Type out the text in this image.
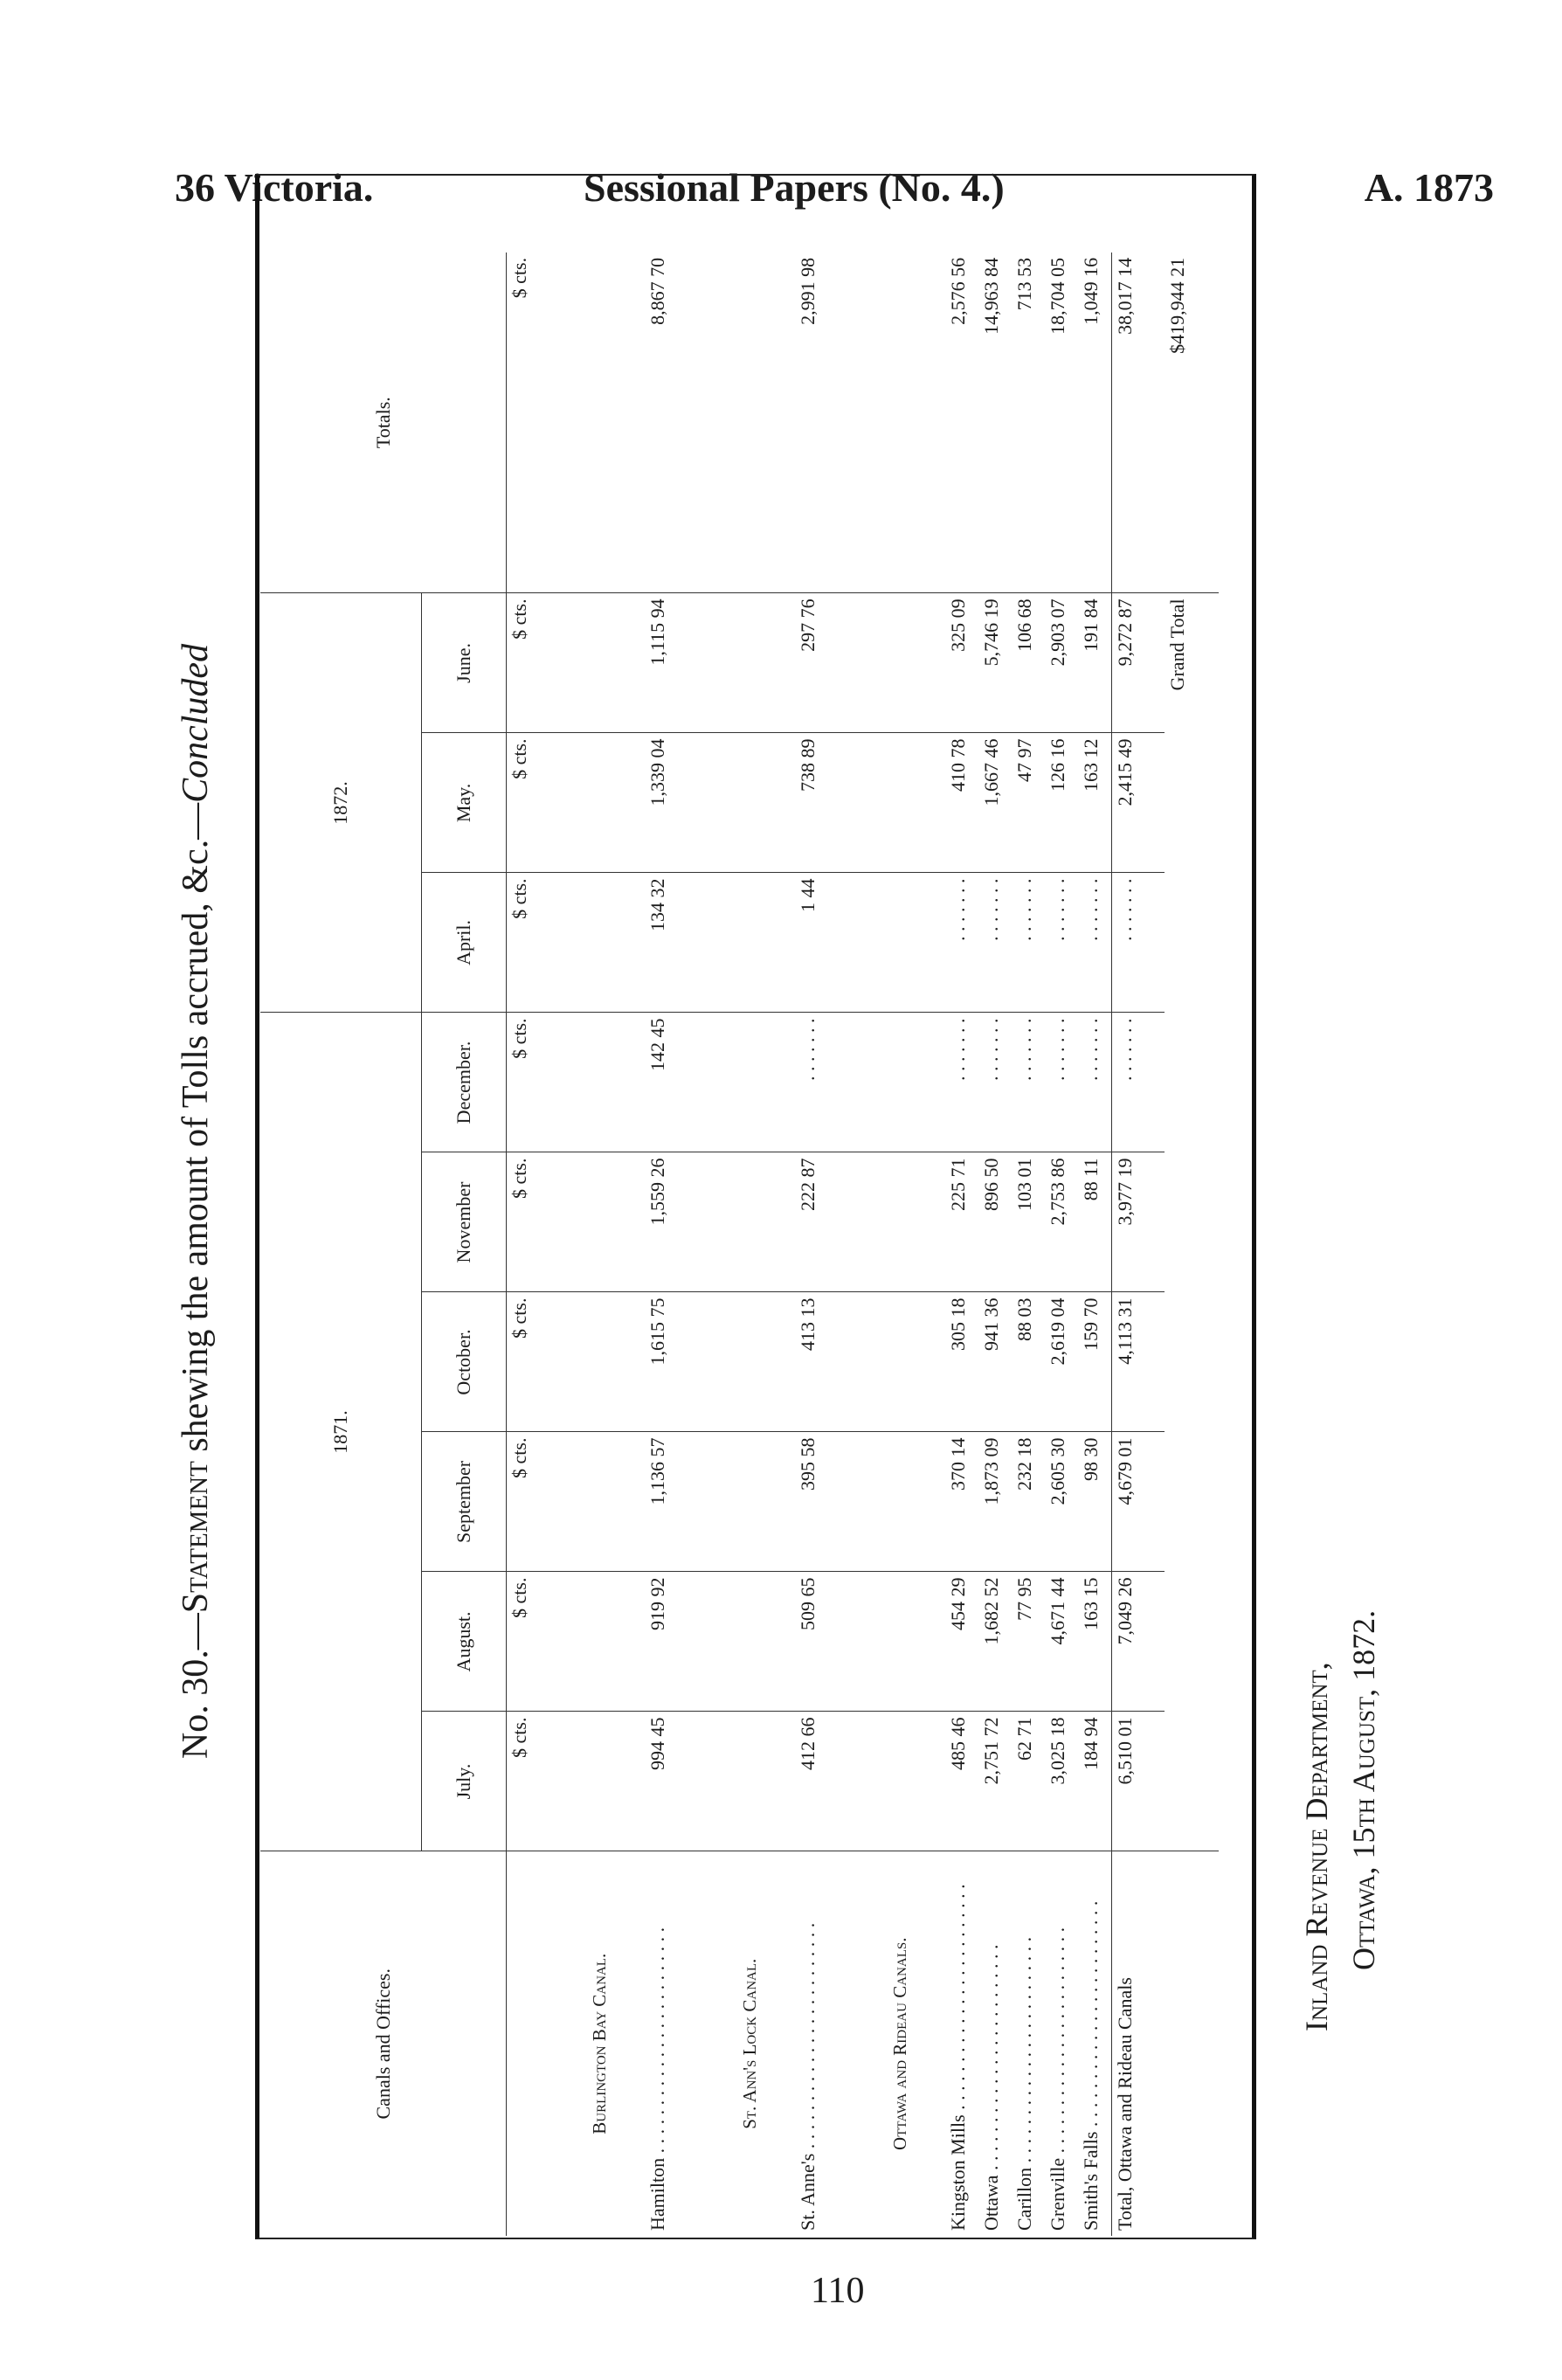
36 Victoria.	Sessional Papers (No. 4.)	A. 1873
No. 30.—Statement shewing the amount of Tolls accrued, &c.—Concluded
Canals and Offices.	1871.						1872.			Totals.
	July.	August.	September	October.	November	December.	April.	May.	June.	
	$ cts.	$ cts.	$ cts.	$ cts.	$ cts.	$ cts.	$ cts.	$ cts.	$ cts.	$ cts.
Burlington Bay Canal.										
Hamilton . . .	994 45	919 92	1,136 57	1,615 75	1,559 26	142 45	134 32	1,339 04	1,115 94	8,867 70
St. Ann's Lock Canal.										
St. Anne's . . .	412 66	509 65	395 58	413 13	222 87	. . . . . . .	1 44	738 89	297 76	2,991 98
Ottawa and Rideau Canals.										
Kingston Mills . . .	485 46	454 29	370 14	305 18	225 71	. . . . . . .	. . . . . . .	410 78	325 09	2,576 56
Ottawa . . .	2,751 72	1,682 52	1,873 09	941 36	896 50	. . . . . . .	. . . . . . .	1,667 46	5,746 19	14,963 84
Carillon . . .	62 71	77 95	232 18	88 03	103 01	. . . . . . .	. . . . . . .	47 97	106 68	713 53
Grenville . . .	3,025 18	4,671 44	2,605 30	2,619 04	2,753 86	. . . . . . .	. . . . . . .	126 16	2,903 07	18,704 05
Smith's Falls . . .	184 94	163 15	98 30	159 70	88 11	. . . . . . .	. . . . . . .	163 12	191 84	1,049 16
Total, Ottawa and Rideau Canals	6,510 01	7,049 26	4,679 01	4,113 31	3,977 19	. . . . . . .	. . . . . . .	2,415 49	9,272 87	38,017 14
	Grand Total									$419,944 21
Inland Revenue Department, Ottawa, 15th August, 1872.
110
